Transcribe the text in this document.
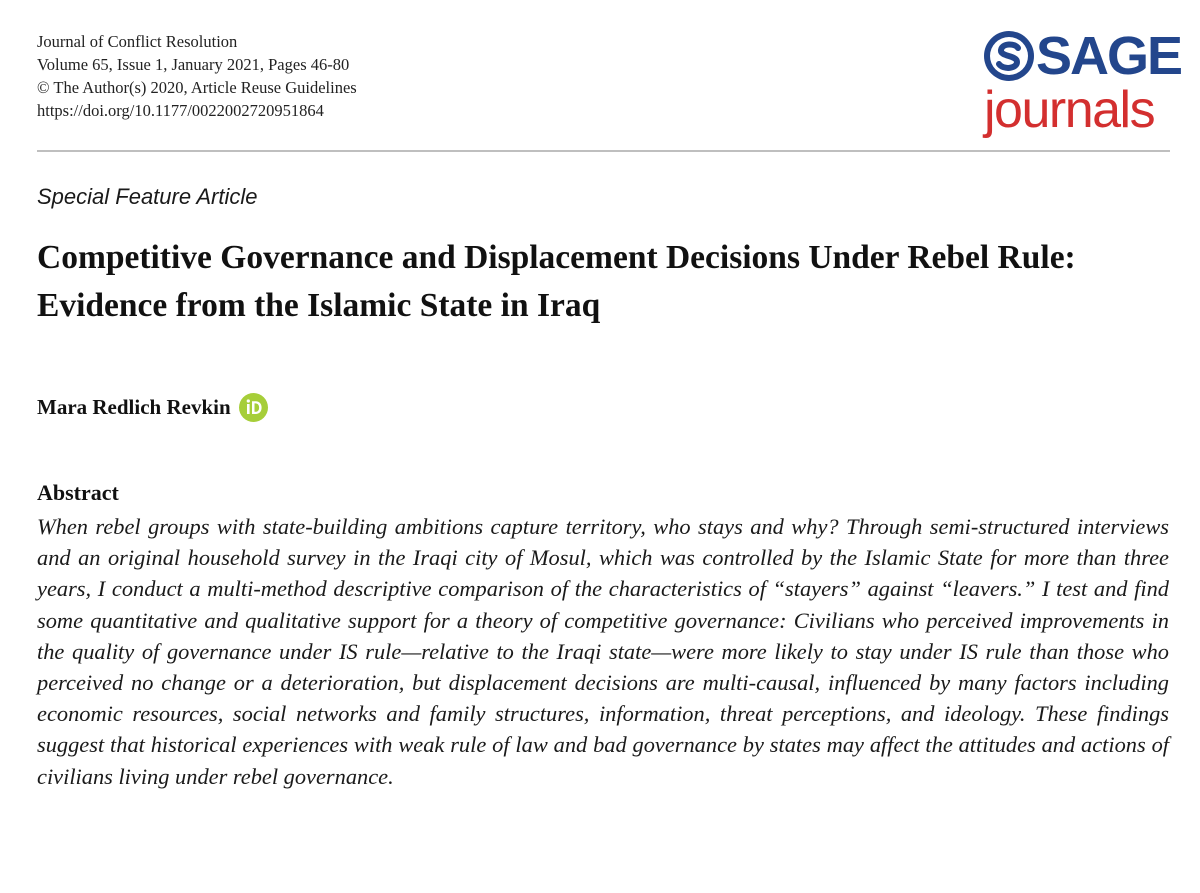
Journal of Conflict Resolution
Volume 65, Issue 1, January 2021, Pages 46-80
© The Author(s) 2020, Article Reuse Guidelines
https://doi.org/10.1177/0022002720951864
SAGE
journals
Special Feature Article
Competitive Governance and Displacement Decisions Under Rebel Rule: Evidence from the Islamic State in Iraq
Mara Redlich Revkin
Abstract
When rebel groups with state-building ambitions capture territory, who stays and why? Through semi-structured interviews and an original household survey in the Iraqi city of Mosul, which was controlled by the Islamic State for more than three years, I conduct a multi-method descriptive comparison of the characteristics of “stayers” against “leavers.” I test and find some quantitative and qualitative support for a theory of competitive governance: Civilians who perceived improvements in the quality of governance under IS rule—relative to the Iraqi state—were more likely to stay under IS rule than those who perceived no change or a deterioration, but displacement decisions are multi-causal, influenced by many factors including economic resources, social networks and family structures, information, threat perceptions, and ideology. These findings suggest that historical experiences with weak rule of law and bad governance by states may affect the attitudes and actions of civilians living under rebel governance.
